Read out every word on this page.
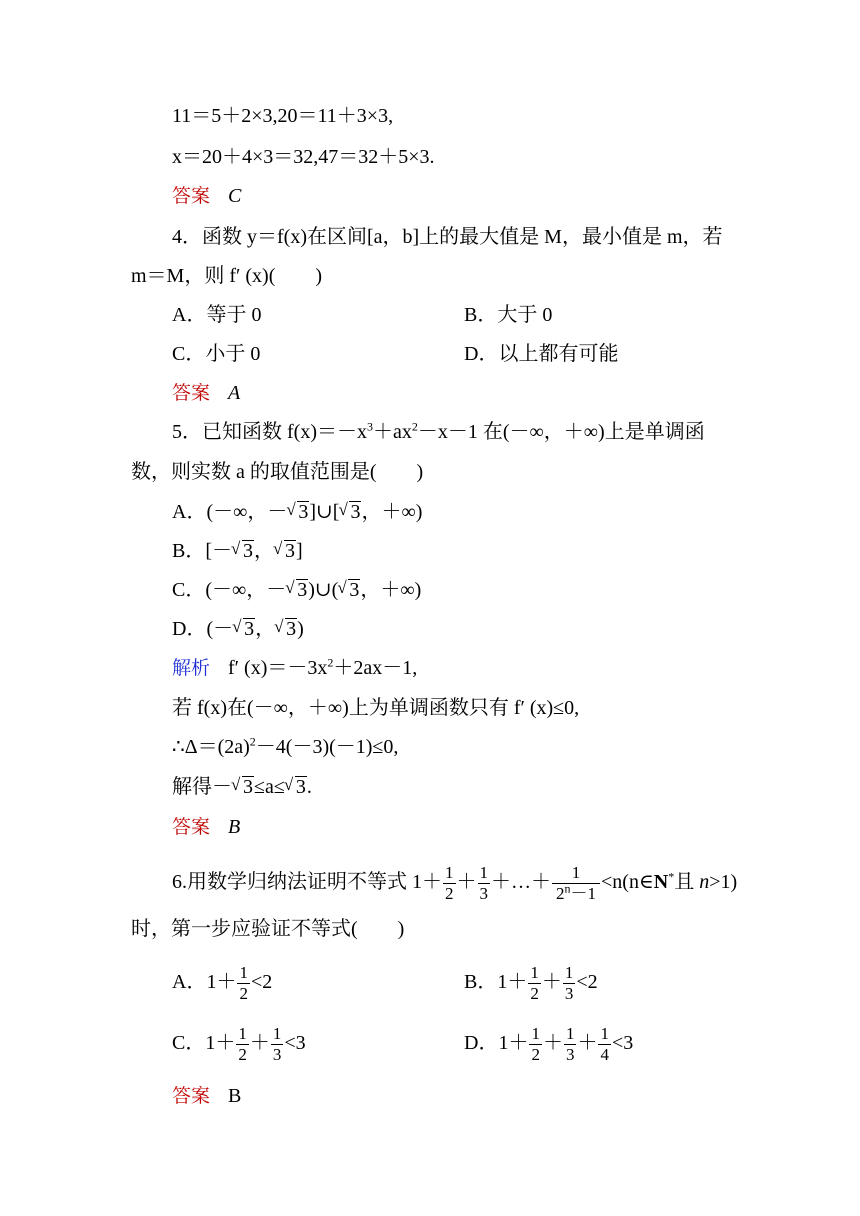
11＝5＋2×3,20＝11＋3×3,
x＝20＋4×3＝32,47＝32＋5×3.
答案 C
4．函数 y＝f(x)在区间[a，b]上的最大值是 M，最小值是 m，若
m＝M，则 f′ (x)(　　)
A．等于 0	B．大于 0
C．小于 0	D．以上都有可能
答案 A
5．已知函数 $f(x)=-x^3+ax^2-x-1$ 在(－∞，＋∞)上是单调函
数，则实数 a 的取值范围是(　　)
A．(－∞，－ √ 3]∪[ √ 3，＋∞)
B．[－ √ 3， √ 3]
C．(－∞，－ √ 3)∪( √ 3，＋∞)
D．(－ √ 3， √ 3)
解析 f′ $(x)=-3x^2+2ax-1$,
若 f(x)在(－∞，＋∞)上为单调函数只有 f′ (x)≤0,
$\therefore\Delta=(2a)^2-4(-3)(-1)\le 0$,
解得－ √ 3≤a≤ √ 3.
答案 B
6.用数学归纳法证明不等式 $1+ \frac{1}{2} + \frac{1}{3}$ ＋…＋ $\frac{1}{2^n-1}$ <n(n∈N*且 n>1)
时，第一步应验证不等式(　　)
A．$1+ \frac{1}{2} <2$	B．$1+ \frac{1}{2} + \frac{1}{3} <2$
C．$1+ \frac{1}{2} + \frac{1}{3} <3$	D．$1+ \frac{1}{2} + \frac{1}{3} + \frac{1}{4} <3$
答案 B
